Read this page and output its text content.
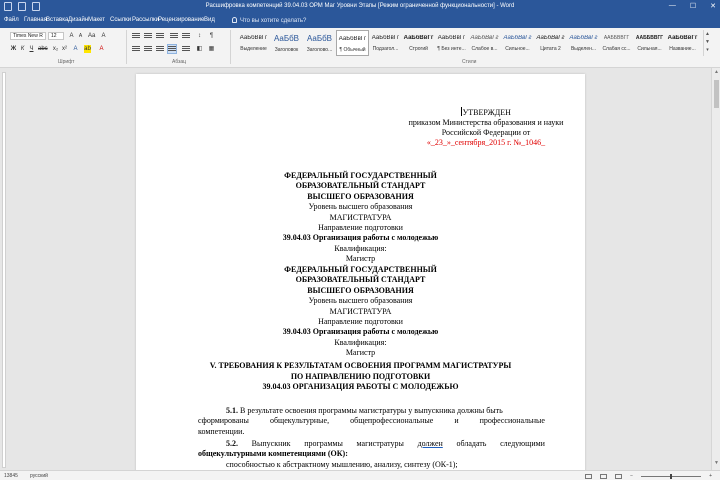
Расшифровка компетенций 39.04.03 ОРМ Маг Уровни Этапы [Режим ограниченной функциональности] - Word	— ☐ ✕
Файл Главная Вставка Дизайн Макет Ссылки Рассылки Рецензирование Вид	Что вы хотите сделать?
Times New R	12	A	A Aa A
Ж К Ч abc x₂ x² A ab A
↕	¶
◧ ▦
Шрифт	Абзац	Стили
АаБбВвГг
Выделение
АаБбВ
Заголовок
АаБбВ
Заголово...
АаБбВвГг
¶ Обычный
АаБбВвГг
Подзагол...
АаБбВвГг
Строгий
АаБбВвГг
¶ Без инте...
АаБбВвГг
Слабое в...
АаБбВвГг
Сильное...
АаБбВвГг
Цитата 2
АаБбВвГг
Выделен...
ААББВВГГ
Слабая сс...
ААББВВГГ
Сильная...
АаБбВвГг
Название...
▲
▼
▾
УТВЕРЖДЕН
приказом Министерства образования и науки
Российской Федерации от
«_23_»_сентября_2015 г. №_1046_
ФЕДЕРАЛЬНЫЙ ГОСУДАРСТВЕННЫЙ
ОБРАЗОВАТЕЛЬНЫЙ СТАНДАРТ
ВЫСШЕГО ОБРАЗОВАНИЯ
Уровень высшего образования
МАГИСТРАТУРА
Направление подготовки
39.04.03 Организация работы с молодежью
Квалификация:
Магистр
ФЕДЕРАЛЬНЫЙ ГОСУДАРСТВЕННЫЙ
ОБРАЗОВАТЕЛЬНЫЙ СТАНДАРТ
ВЫСШЕГО ОБРАЗОВАНИЯ
Уровень высшего образования
МАГИСТРАТУРА
Направление подготовки
39.04.03 Организация работы с молодежью
Квалификация:
Магистр
V. ТРЕБОВАНИЯ К РЕЗУЛЬТАТАМ ОСВОЕНИЯ ПРОГРАММ МАГИСТРАТУРЫ
ПО НАПРАВЛЕНИЮ ПОДГОТОВКИ
39.04.03 ОРГАНИЗАЦИЯ РАБОТЫ С МОЛОДЕЖЬЮ
5.1. В результате освоения программы магистратуры у выпускника должны быть
сформированы	общекультурные,	общепрофессиональные	и	профессиональные
компетенции.
5.2. Выпускник программы магистратуры должен обладать следующими
общекультурными компетенциями (ОК):
способностью к абстрактному мышлению, анализу, синтезу (ОК-1);
▲
▼
13845 русский	−	+
